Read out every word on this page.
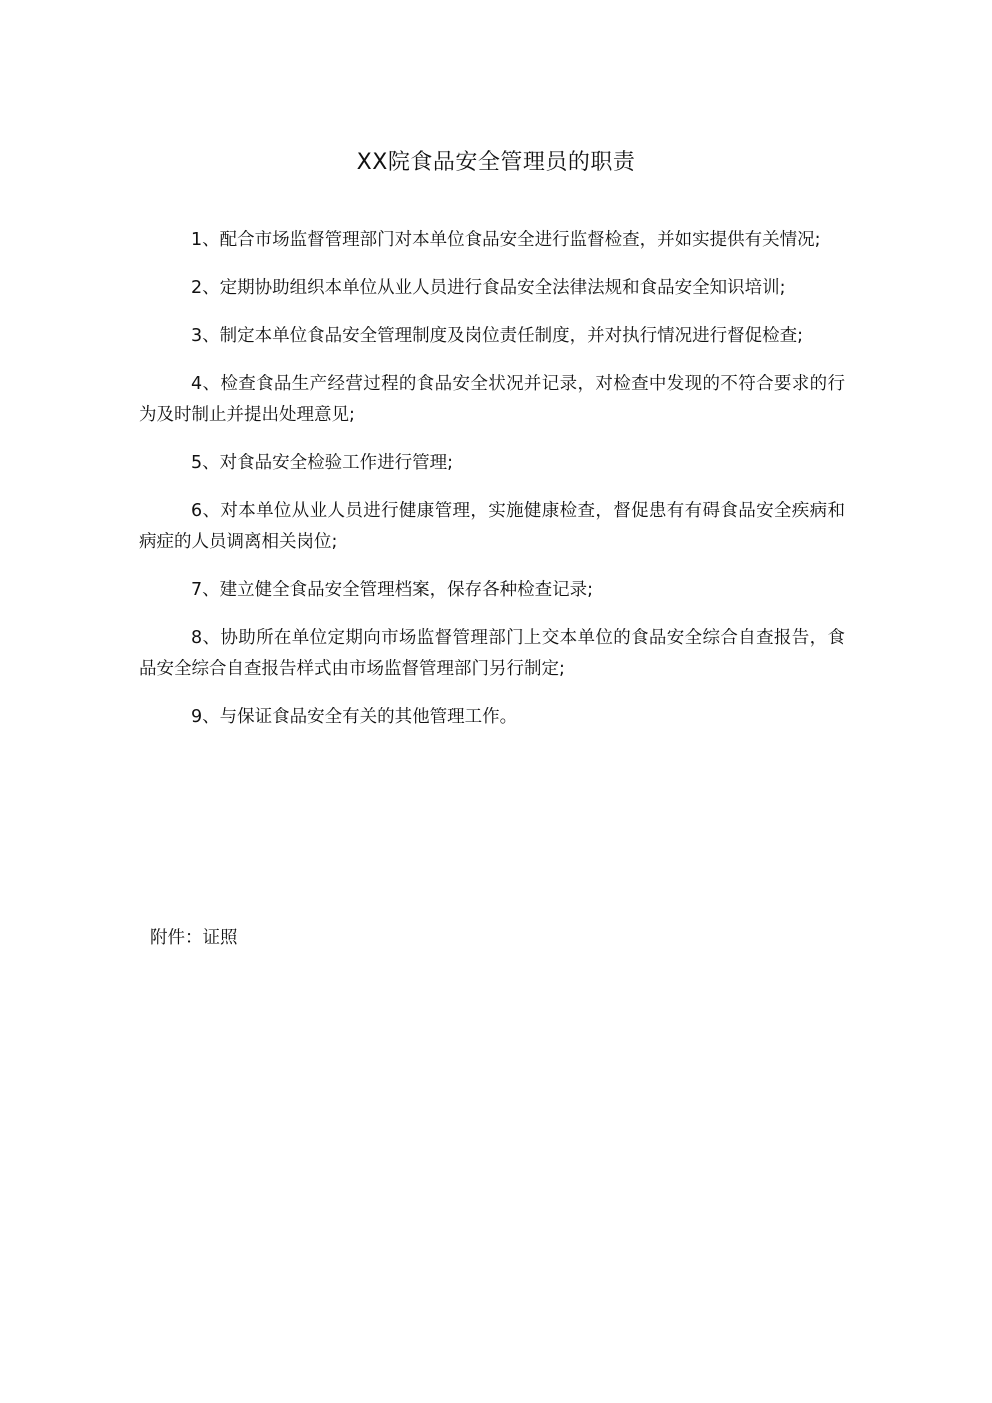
XX院食品安全管理员的职责
1、配合市场监督管理部门对本单位食品安全进行监督检查，并如实提供有关情况;
2、定期协助组织本单位从业人员进行食品安全法律法规和食品安全知识培训;
3、制定本单位食品安全管理制度及岗位责任制度，并对执行情况进行督促检查;
4、检查食品生产经营过程的食品安全状况并记录，对检查中发现的不符合要求的行为及时制止并提出处理意见;
5、对食品安全检验工作进行管理;
6、对本单位从业人员进行健康管理，实施健康检查，督促患有有碍食品安全疾病和病症的人员调离相关岗位;
7、建立健全食品安全管理档案，保存各种检查记录;
8、协助所在单位定期向市场监督管理部门上交本单位的食品安全综合自查报告，食品安全综合自查报告样式由市场监督管理部门另行制定;
9、与保证食品安全有关的其他管理工作。

附件：证照
